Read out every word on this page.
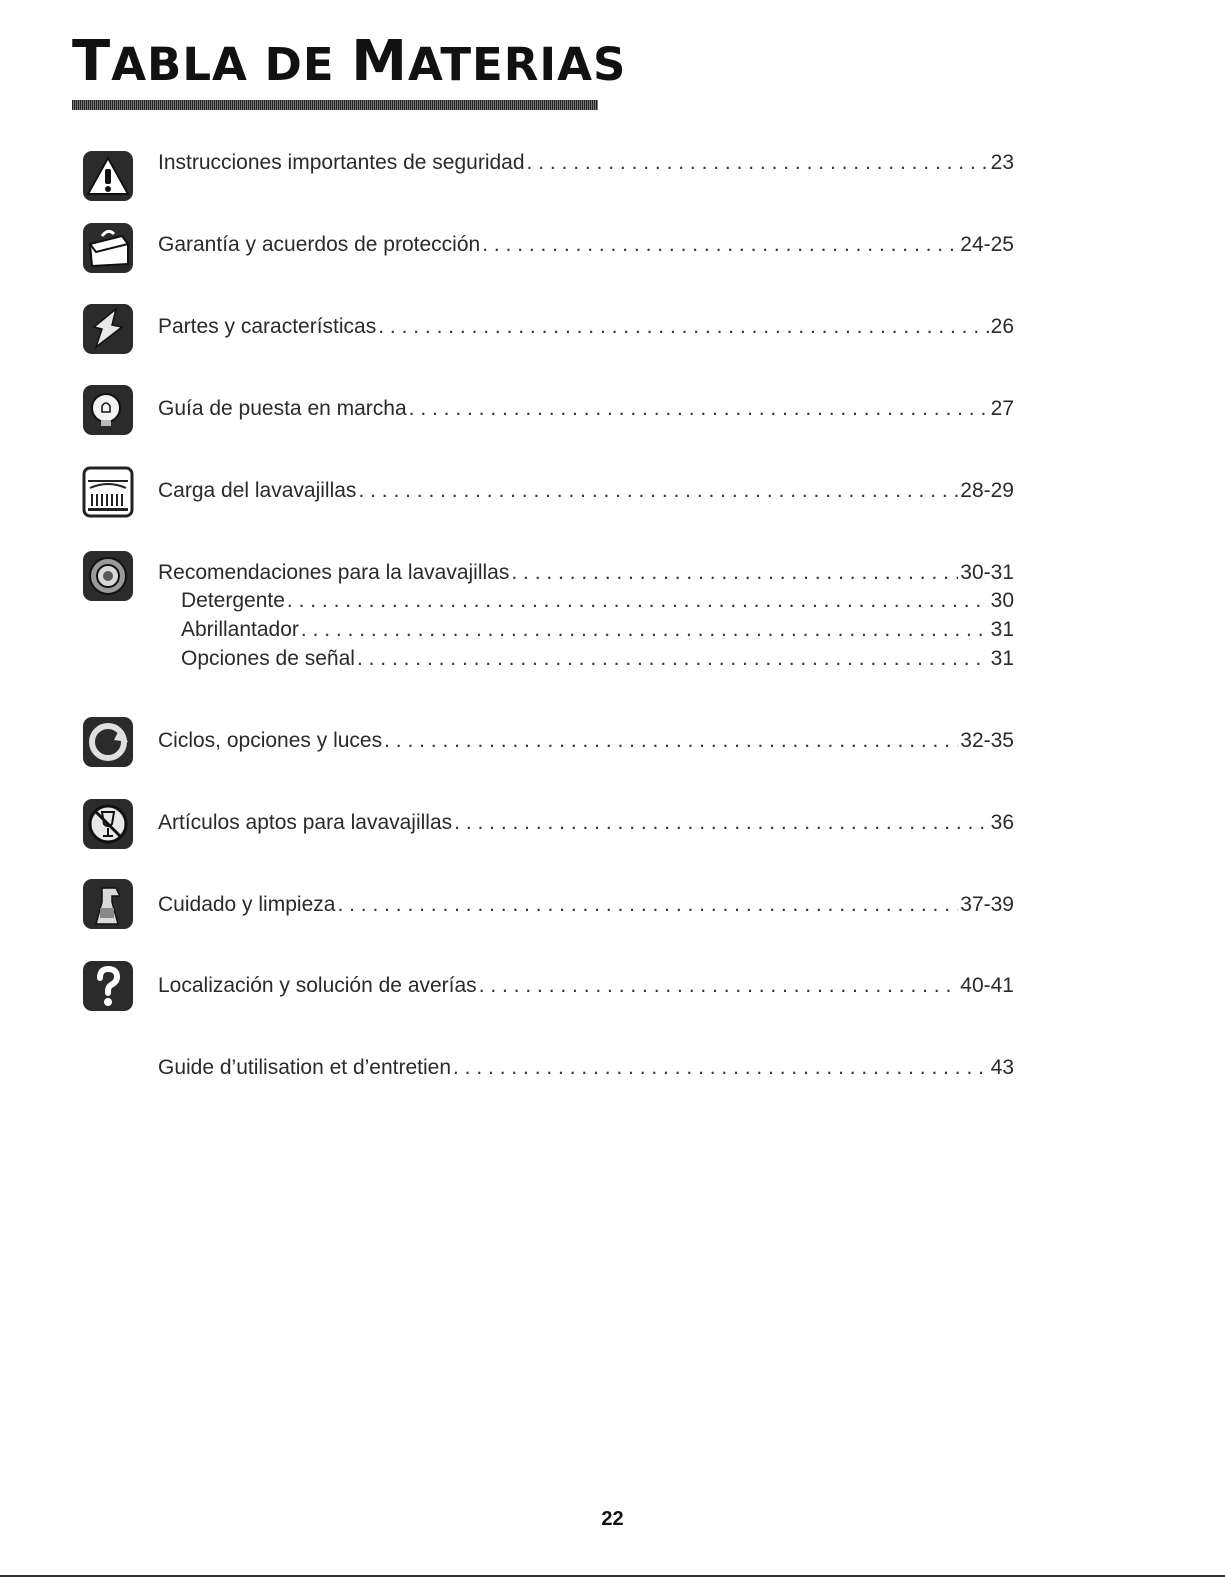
TABLA DE MATERIAS
Instrucciones importantes de seguridad . . .	23
Garantía y acuerdos de protección . . .	24-25
Partes y características . . .	26
Guía de puesta en marcha . . .	27
Carga del lavavajillas . . .	28-29
Recomendaciones para la lavavajillas . . .	30-31
Detergente . . .	30
Abrillantador . . .	31
Opciones de señal . . .	31
Ciclos, opciones y luces . . .	32-35
Artículos aptos para lavavajillas . . .	36
Cuidado y limpieza . . .	37-39
Localización y solución de averías . . .	40-41
Guide d’utilisation et d’entretien . . .	43
22
